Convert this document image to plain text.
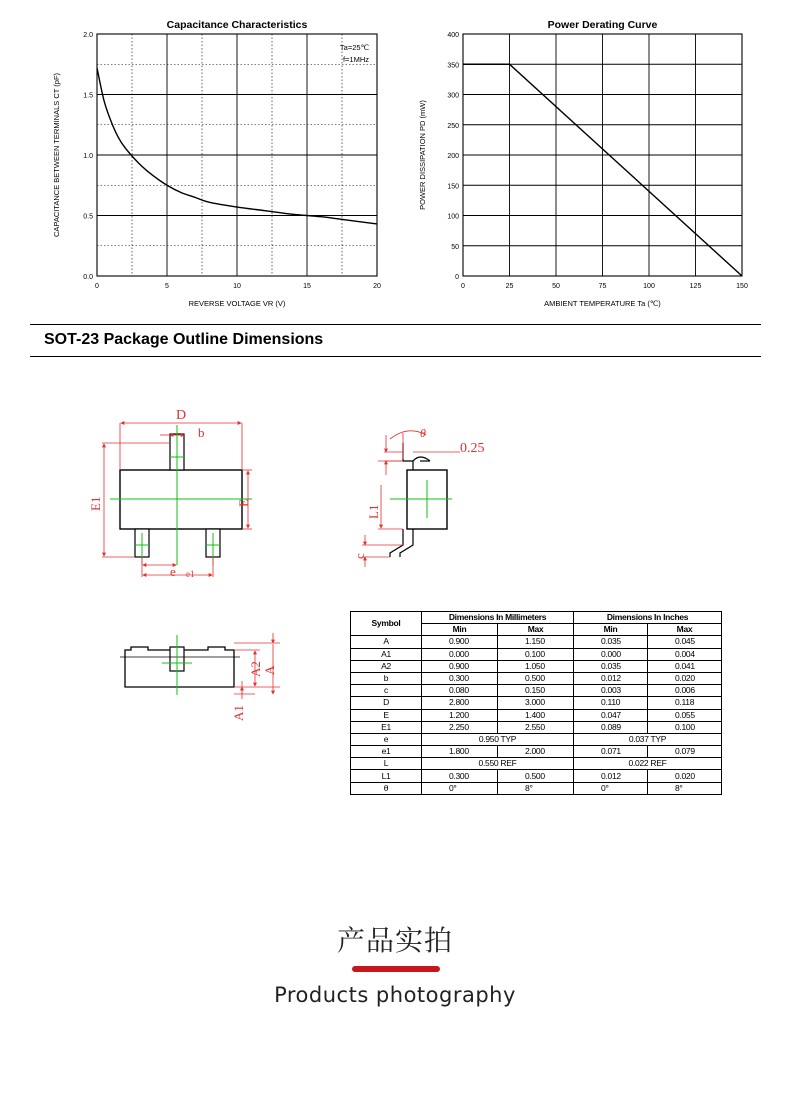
Capacitance Characteristics
0.0
0.5
1.0
1.5
2.0
0	5	10	15	20
REVERSE VOLTAGE VR (V)
CAPACITANCE BETWEEN TERMINALS CT (pF)
Ta=25℃
f=1MHz
Power Derating Curve
0
50
100
150
200
250
300
350
400
0	25	50	75	100	125	150
AMBIENT TEMPERATURE Ta (℃)
POWER DISSIPATION PD (mW)
SOT-23 Package Outline Dimensions
D
b
E1	E
e e1
θ
0.25
L1
c
A2 A
A1
Symbol	Dimensions In Millimeters		Dimensions In Inches	
	Min	Max	Min	Max
A	0.900	1.150	0.035	0.045
A1	0.000	0.100	0.000	0.004
A2	0.900	1.050	0.035	0.041
b	0.300	0.500	0.012	0.020
c	0.080	0.150	0.003	0.006
D	2.800	3.000	0.110	0.118
E	1.200	1.400	0.047	0.055
E1	2.250	2.550	0.089	0.100
e	0.950 TYP		0.037 TYP	
e1	1.800	2.000	0.071	0.079
L	0.550 REF		0.022 REF	
L1	0.300	0.500	0.012	0.020
θ	0°	8°	0°	8°
产品实拍
Products photography
